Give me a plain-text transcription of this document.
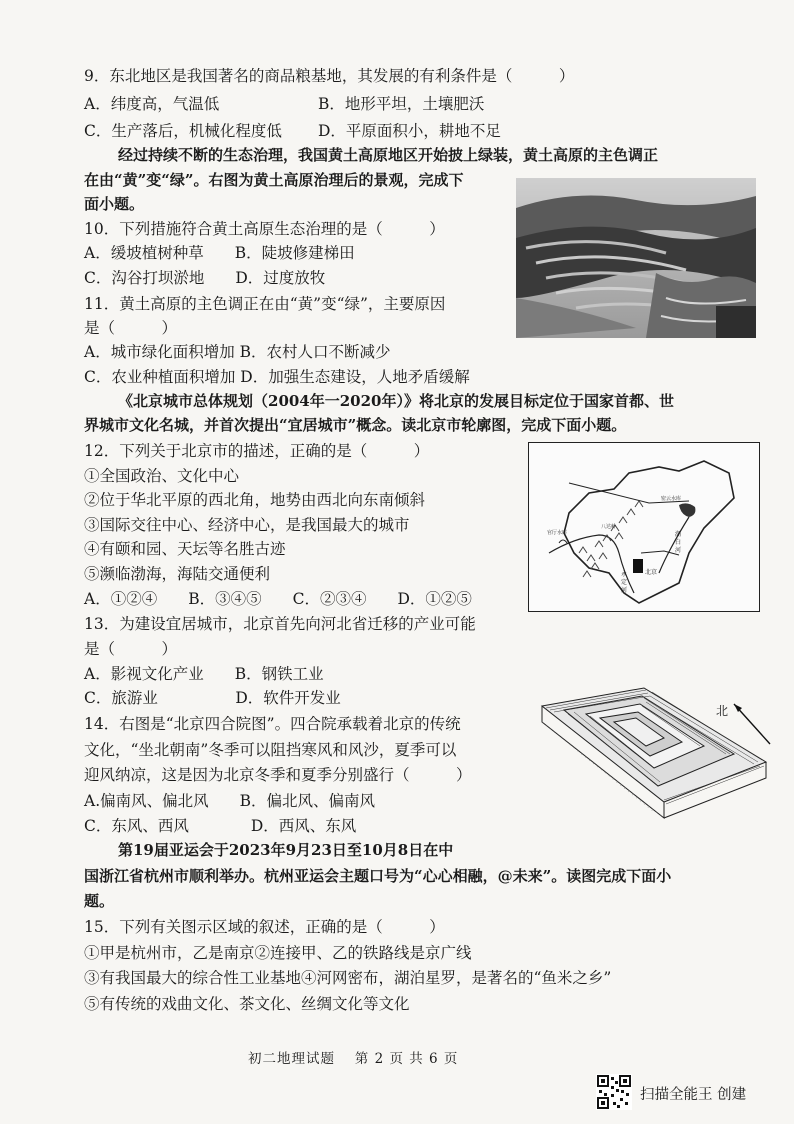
9．东北地区是我国著名的商品粮基地，其发展的有利条件是（　　　）
A．纬度高，气温低	B．地形平坦，土壤肥沃
C．生产落后，机械化程度低 D．平原面积小，耕地不足
经过持续不断的生态治理，我国黄土高原地区开始披上绿装，黄土高原的主色调正
在由“黄”变“绿”。右图为黄土高原治理后的景观，完成下
面小题。
10．下列措施符合黄土高原生态治理的是（　　　）
A．缓坡植树种草　　B．陡坡修建梯田
C．沟谷打坝淤地　　D．过度放牧
11．黄土高原的主色调正在由“黄”变“绿”，主要原因
是（　　　）
A．城市绿化面积增加 B．农村人口不断减少
C．农业种植面积增加 D．加强生态建设，人地矛盾缓解
《北京城市总体规划（2004年一2020年）》将北京的发展目标定位于国家首都、世
界城市文化名城，并首次提出“宜居城市”概念。读北京市轮廓图，完成下面小题。
12．下列关于北京市的描述，正确的是（　　　）
①全国政治、文化中心
②位于华北平原的西北角，地势由西北向东南倾斜
③国际交往中心、经济中心，是我国最大的城市
④有颐和园、天坛等名胜古迹
⑤濒临渤海，海陆交通便利
A．①②④　　B．③④⑤　　C．②③④　　D．①②⑤
密云水库
官厅水库
八达岭
北京
潮白河
永定河
13．为建设宜居城市，北京首先向河北省迁移的产业可能
是（　　　）
A．影视文化产业　　B．钢铁工业
C．旅游业　　　　　D．软件开发业
14．右图是“北京四合院图”。四合院承载着北京的传统
文化，“坐北朝南”冬季可以阻挡寒风和风沙，夏季可以
迎风纳凉，这是因为北京冬季和夏季分别盛行（　　　）
A.偏南风、偏北风　　B．偏北风、偏南风
C．东风、西风　　　　D．西风、东风
北
第19届亚运会于2023年9月23日至10月8日在中
国浙江省杭州市顺利举办。杭州亚运会主题口号为“心心相融，@未来”。读图完成下面小
题。
15．下列有关图示区域的叙述，正确的是（　　　）
①甲是杭州市，乙是南京②连接甲、乙的铁路线是京广线
③有我国最大的综合性工业基地④河网密布，湖泊星罗，是著名的“鱼米之乡”
⑤有传统的戏曲文化、茶文化、丝绸文化等文化
初二地理试题　 第 2 页 共 6 页
扫描全能王 创建
